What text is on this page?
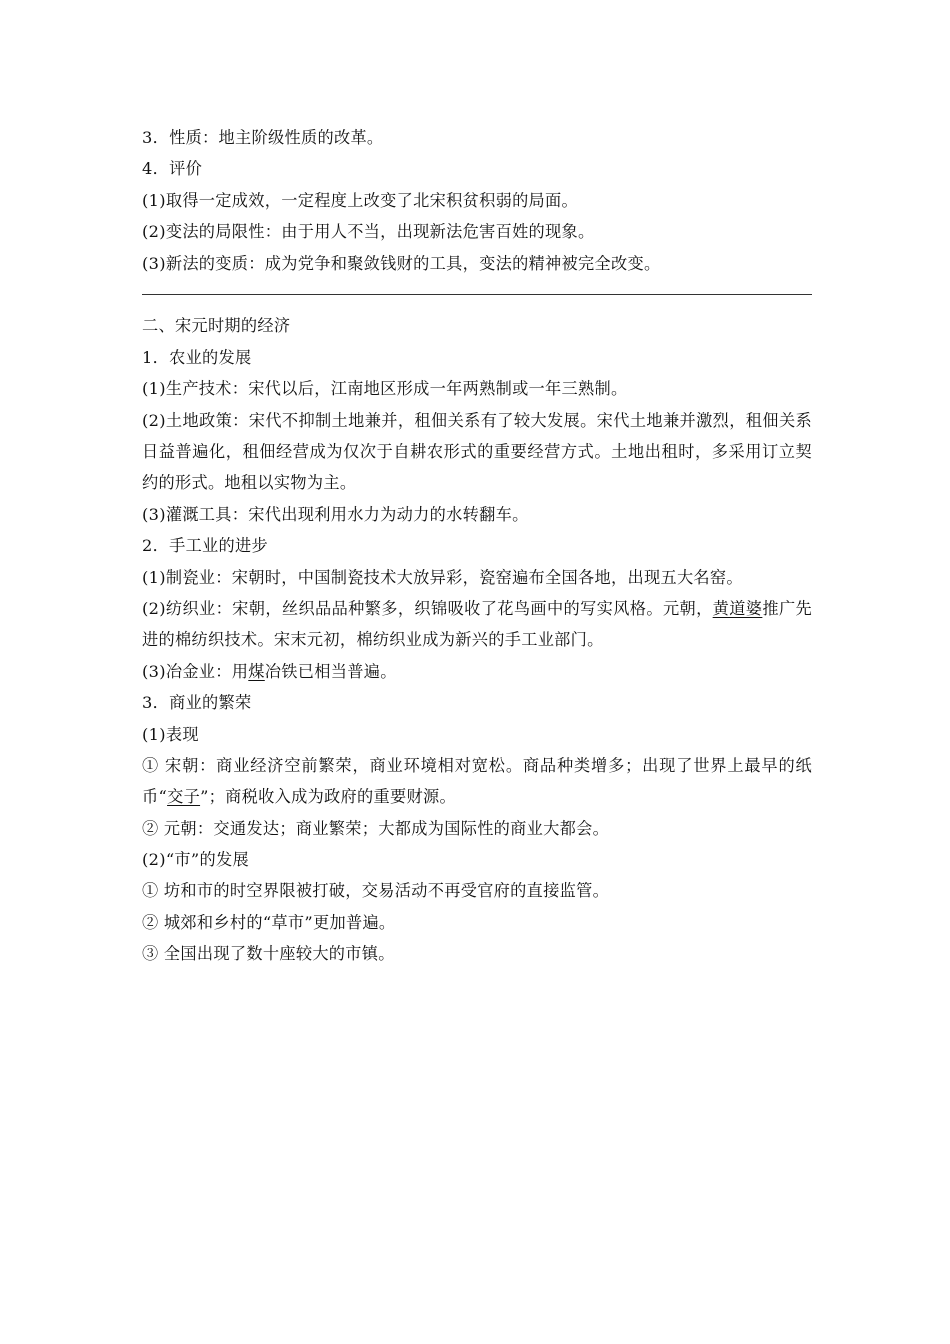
3．性质：地主阶级性质的改革。
4．评价
(1)取得一定成效，一定程度上改变了北宋积贫积弱的局面。
(2)变法的局限性：由于用人不当，出现新法危害百姓的现象。
(3)新法的变质：成为党争和聚敛钱财的工具，变法的精神被完全改变。
二、宋元时期的经济
1．农业的发展
(1)生产技术：宋代以后，江南地区形成一年两熟制或一年三熟制。
(2)土地政策：宋代不抑制土地兼并，租佃关系有了较大发展。宋代土地兼并激烈，租佃关系日益普遍化，租佃经营成为仅次于自耕农形式的重要经营方式。土地出租时，多采用订立契约的形式。地租以实物为主。
(3)灌溉工具：宋代出现利用水力为动力的水转翻车。
2．手工业的进步
(1)制瓷业：宋朝时，中国制瓷技术大放异彩，瓷窑遍布全国各地，出现五大名窑。
(2)纺织业：宋朝，丝织品品种繁多，织锦吸收了花鸟画中的写实风格。元朝，黄道婆推广先进的棉纺织技术。宋末元初，棉纺织业成为新兴的手工业部门。
(3)冶金业：用煤冶铁已相当普遍。
3．商业的繁荣
(1)表现
① 宋朝：商业经济空前繁荣，商业环境相对宽松。商品种类增多；出现了世界上最早的纸币“交子”；商税收入成为政府的重要财源。
② 元朝：交通发达；商业繁荣；大都成为国际性的商业大都会。
(2)“市”的发展
① 坊和市的时空界限被打破，交易活动不再受官府的直接监管。
② 城郊和乡村的“草市”更加普遍。
③ 全国出现了数十座较大的市镇。
